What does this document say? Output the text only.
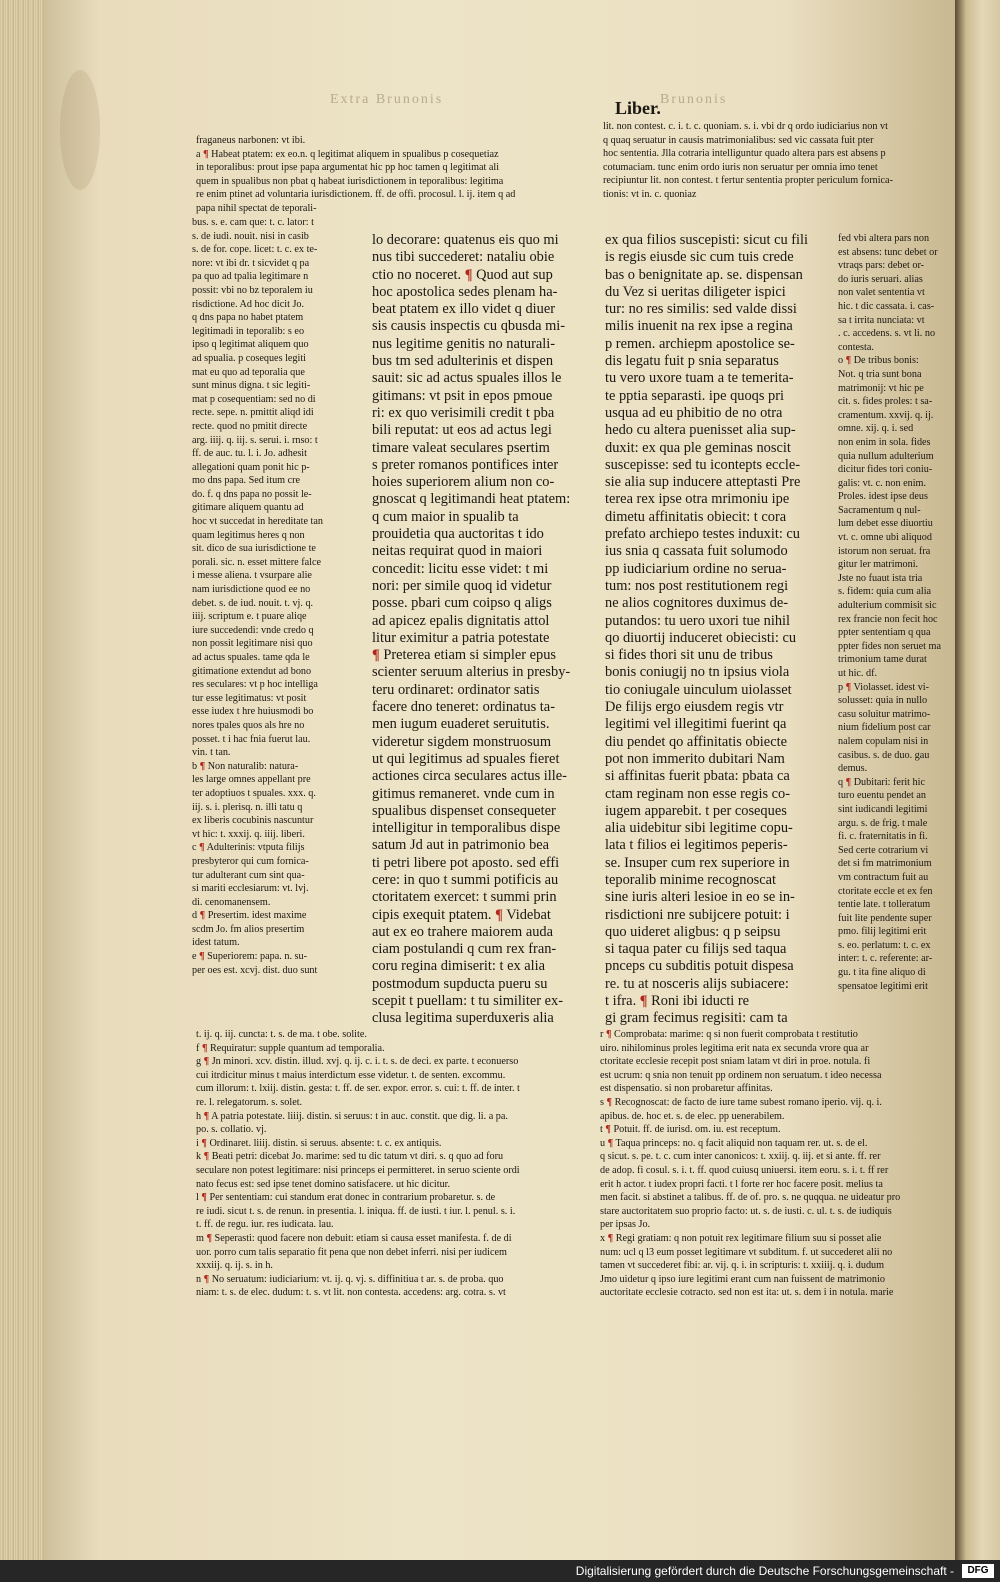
Extra Brunonis	Brunonis
Liber.
fraganeus narbonen: vt ibi.
a ¶ Habeat ptatem: ex eo.n. q legitimat aliquem in spualibus p cosequetiaz
in teporalibus: prout ipse papa argumentat hic pp hoc tamen q legitimat ali
quem in spualibus non pbat q habeat iurisdictionem in teporalibus: legitima
re enim ptinet ad voluntaria iurisdictionem. ff. de offi. procosul. l. ij. item q ad
papa nihil spectat de teporali-
bus. s. e. cam que: t. c. lator: t
s. de iudi. nouit. nisi in casib
s. de for. cope. licet: t. c. ex te-
nore: vt ibi dr. t sicvidet q pa
pa quo ad tpalia legitimare n
possit: vbi no bz teporalem iu
risdictione. Ad hoc dicit Jo.
q dns papa no habet ptatem
legitimadi in teporalib: s eo
ipso q legitimat aliquem quo
ad spualia. p coseques legiti
mat eu quo ad teporalia que
sunt minus digna. t sic legiti-
mat p cosequentiam: sed no di
recte. sepe. n. pmittit aliqd idi
recte. quod no pmitit directe
arg. iiij. q. iij. s. serui. i. rnso: t
ff. de auc. tu. l. i. Jo. adhesit
allegationi quam ponit hic p-
mo dns papa. Sed itum cre
do. f. q dns papa no possit le-
gitimare aliquem quantu ad
hoc vt succedat in hereditate tan
quam legitimus heres q non
sit. dico de sua iurisdictione te
porali. sic. n. esset mittere falce
i messe aliena. t vsurpare alie
nam iurisdictione quod ee no
debet. s. de iud. nouit. t. vj. q.
iiij. scriptum e. t puare aliqe
iure succedendi: vnde credo q
non possit legitimare nisi quo
ad actus spuales. tame qda le
gitimatione extendut ad bono
res seculares: vt p hoc intelliga
tur esse legitimatus: vt posit
esse iudex t hre huiusmodi bo
nores tpales quos als hre no
posset. t i hac fnia fuerut lau.
vin. t tan.
b ¶ Non naturalib: natura-
les large omnes appellant pre
ter adoptiuos t spuales. xxx. q.
iij. s. i. plerisq. n. illi tatu q
ex liberis cocubinis nascuntur
vt hic: t. xxxij. q. iiij. liberi.
c ¶ Adulterinis: vtputa filijs
presbyteror qui cum fornica-
tur adulterant cum sint qua-
si mariti ecclesiarum: vt. lvj.
di. cenomanensem.
d ¶ Presertim. idest maxime
scdm Jo. fm alios presertim
idest tatum.
e ¶ Superiorem: papa. n. su-
per oes est. xcvj. dist. duo sunt
lo decorare: quatenus eis quo mi
nus tibi succederet: nataliu obie
ctio no noceret. ¶ Quod aut sup
hoc apostolica sedes plenam ha-
beat ptatem ex illo videt q diuer
sis causis inspectis cu qbusda mi-
nus legitime genitis no naturali-
bus tm sed adulterinis et dispen
sauit: sic ad actus spuales illos le
gitimans: vt psit in epos pmoue
ri: ex quo verisimili credit t pba
bili reputat: ut eos ad actus legi
timare valeat seculares psertim
s preter romanos pontifices inter
hoies superiorem alium non co-
gnoscat q legitimandi heat ptatem:
q cum maior in spualib ta
prouidetia qua auctoritas t ido
neitas requirat quod in maiori
concedit: licitu esse videt: t mi
nori: per simile quoq id videtur
posse. pbari cum coipso q aligs
ad apicez epalis dignitatis attol
litur eximitur a patria potestate
¶ Preterea etiam si simpler epus
scienter seruum alterius in presby-
teru ordinaret: ordinator satis
facere dno teneret: ordinatus ta-
men iugum euaderet seruitutis.
videretur sigdem monstruosum
ut qui legitimus ad spuales fieret
actiones circa seculares actus ille-
gitimus remaneret. vnde cum in
spualibus dispenset consequeter
intelligitur in temporalibus dispe
satum Jd aut in patrimonio bea
ti petri libere pot aposto. sed effi
cere: in quo t summi potificis au
ctoritatem exercet: t summi prin
cipis exequit ptatem. ¶ Videbat
aut ex eo trahere maiorem auda
ciam postulandi q cum rex fran-
coru regina dimiserit: t ex alia
postmodum supducta pueru su
scepit t puellam: t tu similiter ex-
clusa legitima superduxeris alia
lit. non contest. c. i. t. c. quoniam. s. i. vbi dr q ordo iudiciarius non vt
q quaq seruatur in causis matrimonialibus: sed vic cassata fuit pter
hoc sententia. Jlla cotraria intelliguntur quado altera pars est absens p
cotumaciam. tunc enim ordo iuris non seruatur per omnia imo tenet
recipiuntur lit. non contest. t fertur sententia propter periculum fornica-
tionis: vt in. c. quoniaz
ex qua filios suscepisti: sicut cu fili
is regis eiusde sic cum tuis crede
bas o benignitate ap. se. dispensan
du Vez si ueritas diligeter ispici
tur: no res similis: sed valde dissi
milis inuenit na rex ipse a regina
p remen. archiepm apostolice se-
dis legatu fuit p snia separatus
tu vero uxore tuam a te temerita-
te pptia separasti. ipe quoqs pri
usqua ad eu phibitio de no otra
hedo cu altera puenisset alia sup-
duxit: ex qua ple geminas noscit
suscepisse: sed tu icontepts eccle-
sie alia sup inducere atteptasti Pre
terea rex ipse otra mrimoniu ipe
dimetu affinitatis obiecit: t cora
prefato archiepo testes induxit: cu
ius snia q cassata fuit solumodo
pp iudiciarium ordine no serua-
tum: nos post restitutionem regi
ne alios cognitores duximus de-
putandos: tu uero uxori tue nihil
qo diuortij induceret obiecisti: cu
si fides thori sit unu de tribus
bonis coniugij no tn ipsius viola
tio coniugale uinculum uiolasset
De filijs ergo eiusdem regis vtr
legitimi vel illegitimi fuerint qa
diu pendet qo affinitatis obiecte
pot non immerito dubitari Nam
si affinitas fuerit pbata: pbata ca
ctam reginam non esse regis co-
iugem apparebit. t per coseques
alia uidebitur sibi legitime copu-
lata t filios ei legitimos peperis-
se. Insuper cum rex superiore in
teporalib minime recognoscat
sine iuris alteri lesioe in eo se in-
risdictioni nre subijcere potuit: i
quo uideret aligbus: q p seipsu
si taqua pater cu filijs sed taqua
pnceps cu subditis potuit dispesa
re. tu at nosceris alijs subiacere:
t ifra. ¶ Roni ibi iducti re
gi gram fecimus regisiti: cam ta
fed vbi altera pars non
est absens: tunc debet or
vtraqs pars: debet or-
do iuris seruari. alias
non valet sententia vt
hic. t dic cassata. i. cas-
sa t irrita nunciata: vt
. c. accedens. s. vt li. no
contesta.
o ¶ De tribus bonis:
Not. q tria sunt bona
matrimonij: vt hic pe
cit. s. fides proles: t sa-
cramentum. xxvij. q. ij.
omne. xij. q. i. sed
non enim in sola. fides
quia nullum adulterium
dicitur fides tori coniu-
galis: vt. c. non enim.
Proles. idest ipse deus
Sacramentum q nul-
lum debet esse diuortiu
vt. c. omne ubi aliquod
istorum non seruat. fra
gitur ler matrimoni.
Jste no fuaut ista tria
s. fidem: quia cum alia
adulterium commisit sic
rex francie non fecit hoc
ppter sententiam q qua
ppter fides non seruet ma
trimonium tame durat
ut hic. df.
p ¶ Violasset. idest vi-
solusset: quia in nullo
casu soluitur matrimo-
nium fidelium post car
nalem copulam nisi in
casibus. s. de duo. gau
demus.
q ¶ Dubitari: ferit hic
turo euentu pendet an
sint iudicandi legitimi
argu. s. de frig. t male
fi. c. fraternitatis in fi.
Sed certe cotrarium vi
det si fm matrimonium
vm contractum fuit au
ctoritate eccle et ex fen
tentie late. t tolleratum
fuit lite pendente super
pmo. filij legitimi erit
s. eo. perlatum: t. c. ex
inter: t. c. referente: ar-
gu. t ita fine aliquo di
spensatoe legitimi erit
t. ij. q. iij. cuncta: t. s. de ma. t obe. solite.
f ¶ Requiratur: supple quantum ad temporalia.
g ¶ Jn minori. xcv. distin. illud. xvj. q. ij. c. i. t. s. de deci. ex parte. t econuerso
cui itrdicitur minus t maius interdictum esse videtur. t. de senten. excommu.
cum illorum: t. lxiij. distin. gesta: t. ff. de ser. expor. error. s. cui: t. ff. de inter. t
re. l. relegatorum. s. solet.
h ¶ A patria potestate. liiij. distin. si seruus: t in auc. constit. que dig. li. a pa.
po. s. collatio. vj.
i ¶ Ordinaret. liiij. distin. si seruus. absente: t. c. ex antiquis.
k ¶ Beati petri: dicebat Jo. marime: sed tu dic tatum vt diri. s. q quo ad foru
seculare non potest legitimare: nisi princeps ei permitteret. in seruo sciente ordi
nato fecus est: sed ipse tenet domino satisfacere. ut hic dicitur.
l ¶ Per sententiam: cui standum erat donec in contrarium probaretur. s. de
re iudi. sicut t. s. de renun. in presentia. l. iniqua. ff. de iusti. t iur. l. penul. s. i.
t. ff. de regu. iur. res iudicata. lau.
m ¶ Seperasti: quod facere non debuit: etiam si causa esset manifesta. f. de di
uor. porro cum talis separatio fit pena que non debet inferri. nisi per iudicem
xxxiij. q. ij. s. in h.
n ¶ No seruatum: iudiciarium: vt. ij. q. vj. s. diffinitiua t ar. s. de proba. quo
niam: t. s. de elec. dudum: t. s. vt lit. non contesta. accedens: arg. cotra. s. vt
r ¶ Comprobata: marime: q si non fuerit comprobata t restitutio
uiro. nihilominus proles legitima erit nata ex secunda vrore qua ar
ctoritate ecclesie recepit post sniam latam vt diri in proe. notula. fi
est ucrum: q snia non tenuit pp ordinem non seruatum. t ideo necessa
est dispensatio. si non probaretur affinitas.
s ¶ Recognoscat: de facto de iure tame subest romano iperio. vij. q. i.
apibus. de. hoc et. s. de elec. pp uenerabilem.
t ¶ Potuit. ff. de iurisd. om. iu. est receptum.
u ¶ Taqua princeps: no. q facit aliquid non taquam rer. ut. s. de el.
q sicut. s. pe. t. c. cum inter canonicos: t. xxiij. q. iij. et si ante. ff. rer
de adop. fi cosul. s. i. t. ff. quod cuiusq uniuersi. item eoru. s. i. t. ff rer
erit h actor. t iudex propri facti. t l forte rer hoc facere posit. melius ta
men facit. si abstinet a talibus. ff. de of. pro. s. ne quqqua. ne uideatur pro
stare auctoritatem suo proprio facto: ut. s. de iusti. c. ul. t. s. de iudiquis
per ipsas Jo.
x ¶ Regi gratiam: q non potuit rex legitimare filium suu si posset alie
num: ucl q l3 eum posset legitimare vt subditum. f. ut succederet alii no
tamen vt succederet fibi: ar. vij. q. i. in scripturis: t. xxiiij. q. i. dudum
Jmo uidetur q ipso iure legitimi erant cum nan fuissent de matrimonio
auctoritate ecclesie cotracto. sed non est ita: ut. s. dem i in notula. marie
Digitalisierung gefördert durch die Deutsche Forschungsgemeinschaft -	DFG
